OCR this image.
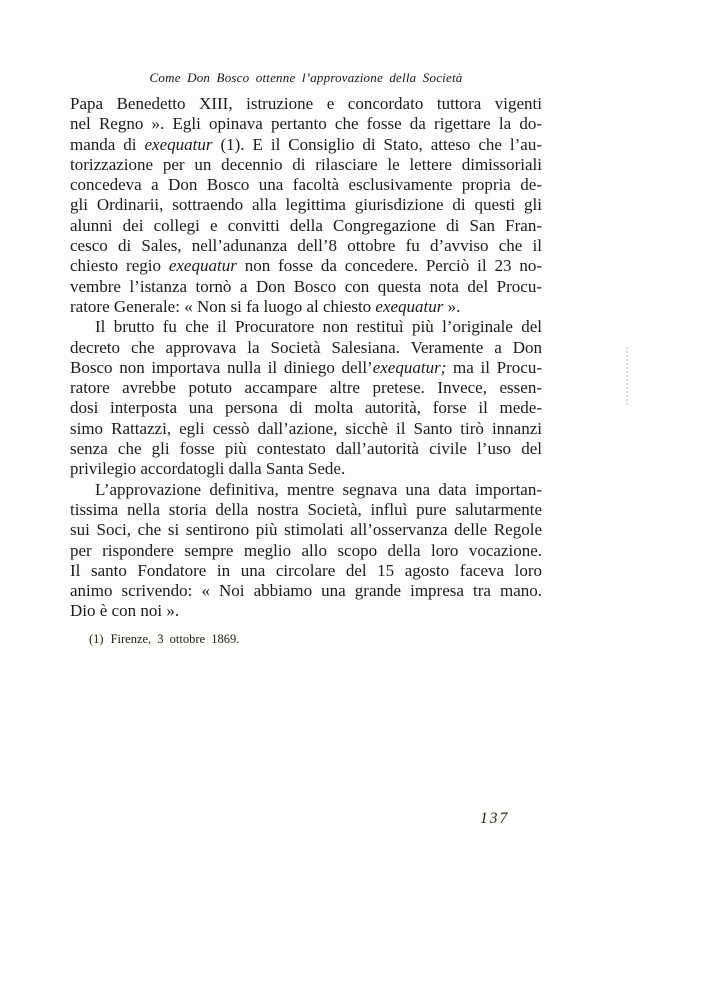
Come Don Bosco ottenne l’approvazione della Società
Papa Benedetto XIII, istruzione e concordato tuttora vigenti
nel Regno ». Egli opinava pertanto che fosse da rigettare la do-
manda di exequatur (1). E il Consiglio di Stato, atteso che l’au-
torizzazione per un decennio di rilasciare le lettere dimissoriali
concedeva a Don Bosco una facoltà esclusivamente propria de-
gli Ordinarii, sottraendo alla legittima giurisdizione di questi gli
alunni dei collegi e convitti della Congregazione di San Fran-
cesco di Sales, nell’adunanza dell’8 ottobre fu d’avviso che il
chiesto regio exequatur non fosse da concedere. Perciò il 23 no-
vembre l’istanza tornò a Don Bosco con questa nota del Procu-
ratore Generale: « Non si fa luogo al chiesto exequatur ».
Il brutto fu che il Procuratore non restituì più l’originale del
decreto che approvava la Società Salesiana. Veramente a Don
Bosco non importava nulla il diniego dell’exequatur; ma il Procu-
ratore avrebbe potuto accampare altre pretese. Invece, essen-
dosi interposta una persona di molta autorità, forse il mede-
simo Rattazzi, egli cessò dall’azione, sicchè il Santo tirò innanzi
senza che gli fosse più contestato dall’autorità civile l’uso del
privilegio accordatogli dalla Santa Sede.
L’approvazione definitiva, mentre segnava una data importan-
tissima nella storia della nostra Società, influì pure salutarmente
sui Soci, che si sentirono più stimolati all’osservanza delle Regole
per rispondere sempre meglio allo scopo della loro vocazione.
Il santo Fondatore in una circolare del 15 agosto faceva loro
animo scrivendo: « Noi abbiamo una grande impresa tra mano.
Dio è con noi ».
(1) Firenze, 3 ottobre 1869.
137
